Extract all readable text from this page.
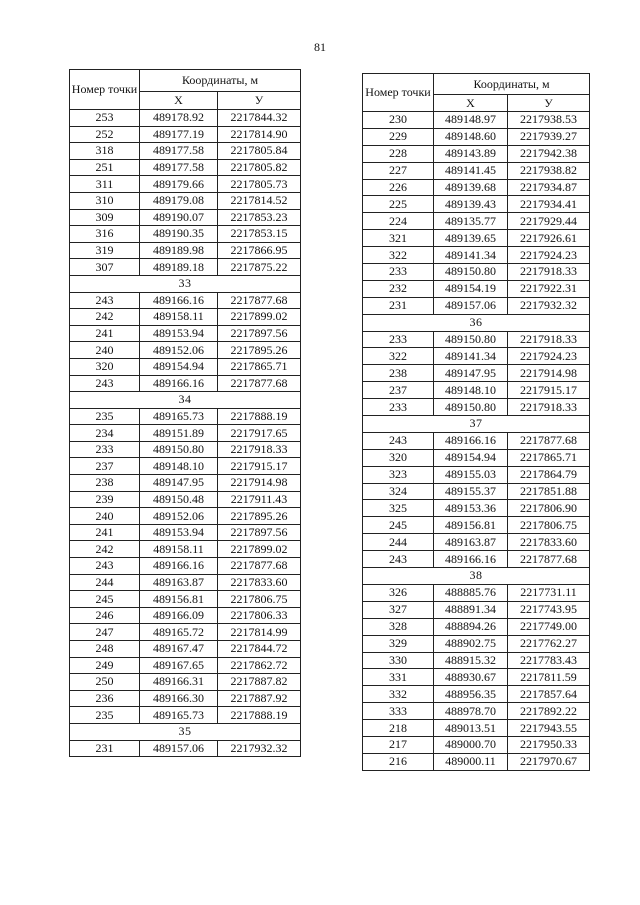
81
Номер точки	Координаты, м	
	Х	У
253	489178.92	2217844.32
252	489177.19	2217814.90
318	489177.58	2217805.84
251	489177.58	2217805.82
311	489179.66	2217805.73
310	489179.08	2217814.52
309	489190.07	2217853.23
316	489190.35	2217853.15
319	489189.98	2217866.95
307	489189.18	2217875.22
33		
243	489166.16	2217877.68
242	489158.11	2217899.02
241	489153.94	2217897.56
240	489152.06	2217895.26
320	489154.94	2217865.71
243	489166.16	2217877.68
34		
235	489165.73	2217888.19
234	489151.89	2217917.65
233	489150.80	2217918.33
237	489148.10	2217915.17
238	489147.95	2217914.98
239	489150.48	2217911.43
240	489152.06	2217895.26
241	489153.94	2217897.56
242	489158.11	2217899.02
243	489166.16	2217877.68
244	489163.87	2217833.60
245	489156.81	2217806.75
246	489166.09	2217806.33
247	489165.72	2217814.99
248	489167.47	2217844.72
249	489167.65	2217862.72
250	489166.31	2217887.82
236	489166.30	2217887.92
235	489165.73	2217888.19
35		
231	489157.06	2217932.32
Номер точки	Координаты, м	
	Х	У
230	489148.97	2217938.53
229	489148.60	2217939.27
228	489143.89	2217942.38
227	489141.45	2217938.82
226	489139.68	2217934.87
225	489139.43	2217934.41
224	489135.77	2217929.44
321	489139.65	2217926.61
322	489141.34	2217924.23
233	489150.80	2217918.33
232	489154.19	2217922.31
231	489157.06	2217932.32
36		
233	489150.80	2217918.33
322	489141.34	2217924.23
238	489147.95	2217914.98
237	489148.10	2217915.17
233	489150.80	2217918.33
37		
243	489166.16	2217877.68
320	489154.94	2217865.71
323	489155.03	2217864.79
324	489155.37	2217851.88
325	489153.36	2217806.90
245	489156.81	2217806.75
244	489163.87	2217833.60
243	489166.16	2217877.68
38		
326	488885.76	2217731.11
327	488891.34	2217743.95
328	488894.26	2217749.00
329	488902.75	2217762.27
330	488915.32	2217783.43
331	488930.67	2217811.59
332	488956.35	2217857.64
333	488978.70	2217892.22
218	489013.51	2217943.55
217	489000.70	2217950.33
216	489000.11	2217970.67
